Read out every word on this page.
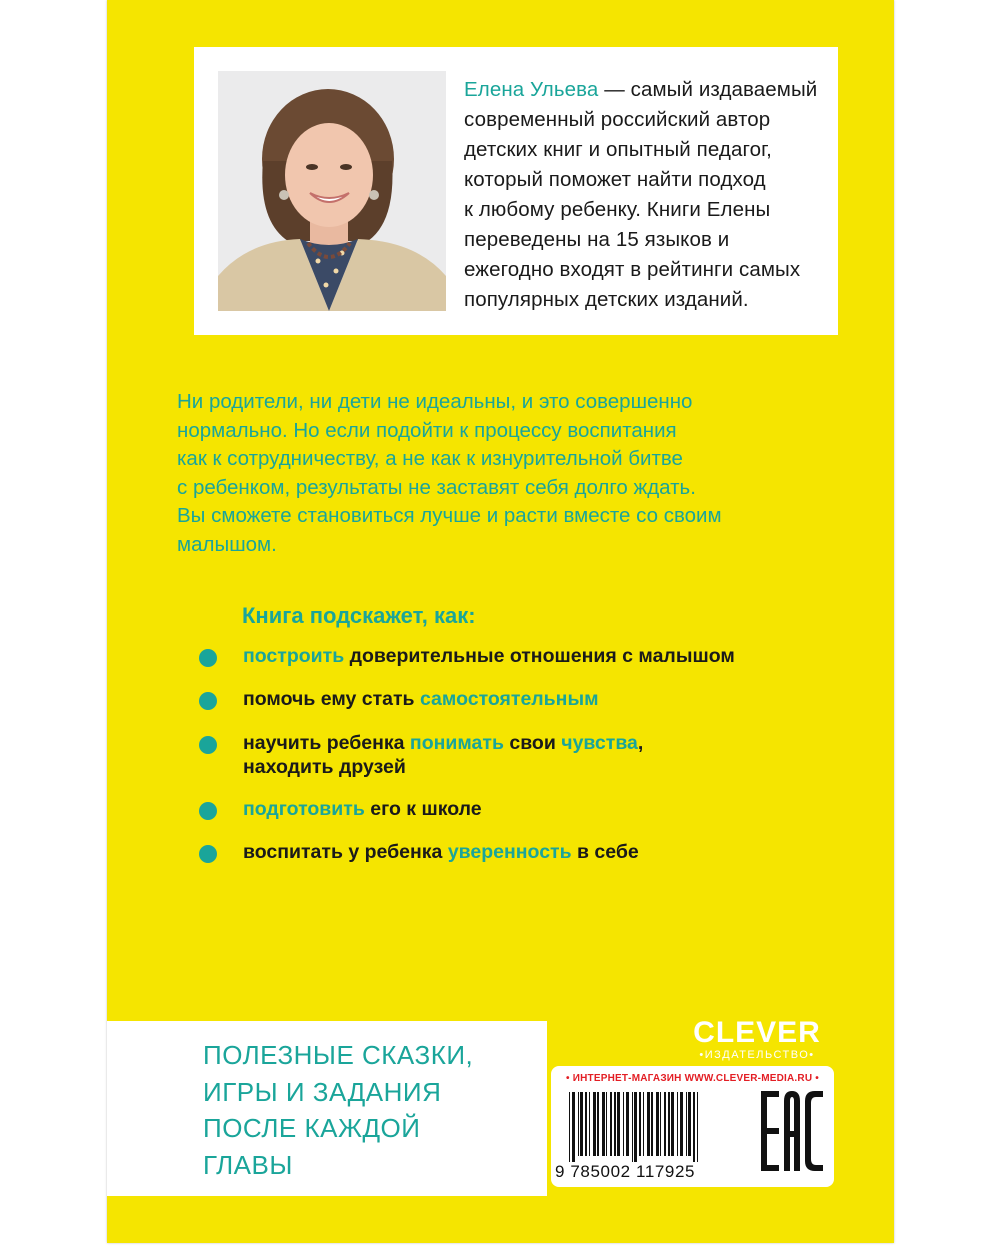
Елена Ульева — самый издаваемый
современный российский автор
детских книг и опытный педагог,
который поможет найти подход
к любому ребенку. Книги Елены
переведены на 15 языков и
ежегодно входят в рейтинги самых
популярных детских изданий.
Ни родители, ни дети не идеальны, и это совершенно
нормально. Но если подойти к процессу воспитания
как к сотрудничеству, а не как к изнурительной битве
с ребенком, результаты не заставят себя долго ждать.
Вы сможете становиться лучше и расти вместе со своим
малышом.
Книга подскажет, как:
построить доверительные отношения с малышом
помочь ему стать самостоятельным
научить ребенка понимать свои чувства,
находить друзей
подготовить его к школе
воспитать у ребенка уверенность в себе
ПОЛЕЗНЫЕ СКАЗКИ,
ИГРЫ И ЗАДАНИЯ
ПОСЛЕ КАЖДОЙ
ГЛАВЫ
CLEVER
•ИЗДАТЕЛЬСТВО•
• ИНТЕРНЕТ-МАГАЗИН WWW.CLEVER-MEDIA.RU •
9 785002 117925
